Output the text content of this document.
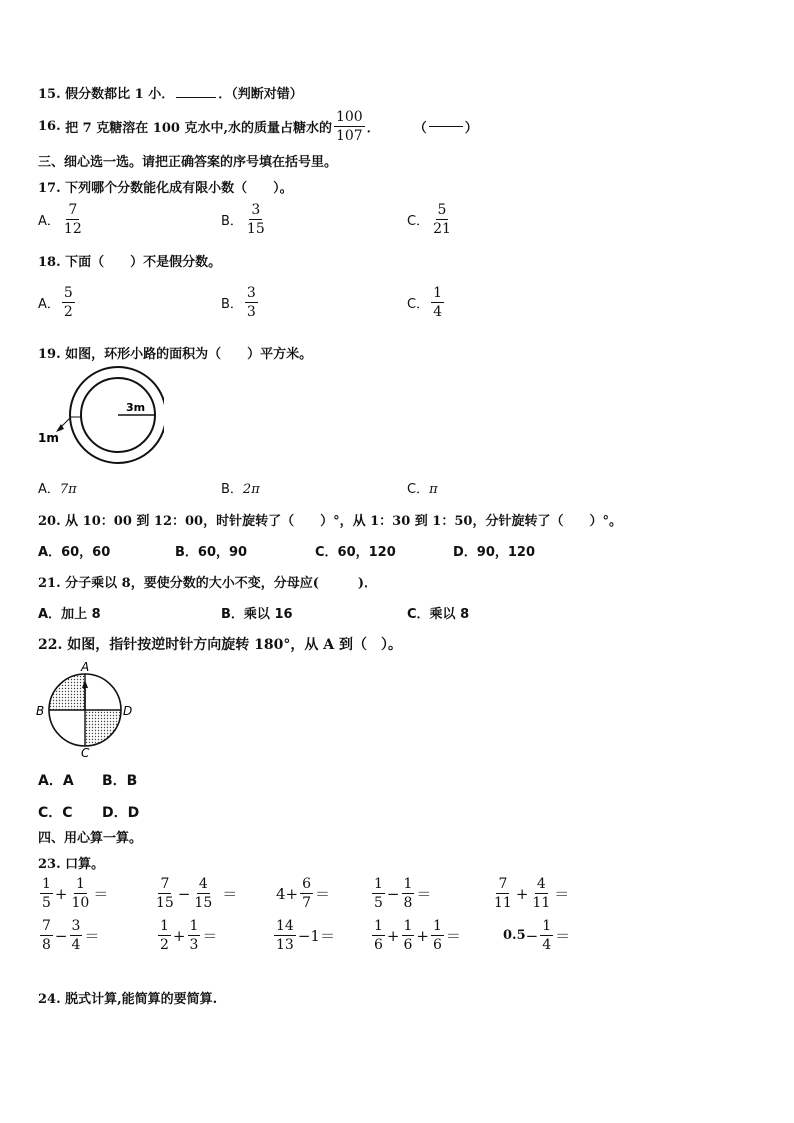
15. 假分数都比 1 小．	．（判断对错）
16.
把 7 克糖溶在 100 克水中,水的质量占糖水的 $\frac{100}{107}$ ．	（	）
三、细心选一选。请把正确答案的序号填在括号里。
17. 下列哪个分数能化成有限小数（　　）。
A． $\frac{7}{12}$	B． $\frac{3}{15}$	C． $\frac{5}{21}$
18. 下面（　　）不是假分数。
A． $\frac{5}{2}$	B． $\frac{3}{3}$	C． $\frac{1}{4}$
19. 如图，环形小路的面积为（　　）平方米。
3m
1m
A．7π	B．2π	C．π
20. 从 10：00 到 12：00，时针旋转了（　　）°，从 1：30 到 1：50，分针旋转了（　　）°。
A．60，60	B．60，90	C．60，120	D．90，120
21. 分子乘以 8，要使分数的大小不变，分母应(　　　)．
A．加上 8	B．乘以 16	C．乘以 8
22. 如图，指针按逆时针方向旋转 180°，从 A 到（　）。
A
B	D
C
A．A B．B
C．C D．D
四、用心算一算。
23. 口算。
$\frac{1}{5} + \frac{1}{10}$ ＝	$\frac{7}{15} - \frac{4}{15}$ ＝	$4 + \frac{6}{7}$ ＝	$\frac{1}{5} - \frac{1}{8}$ ＝	$\frac{7}{11} + \frac{4}{11}$ ＝
$\frac{7}{8} - \frac{3}{4}$ ＝	$\frac{1}{2} + \frac{1}{3}$ ＝	$\frac{14}{13} -1$ ＝	$\frac{1}{6} + \frac{1}{6} + \frac{1}{6}$ ＝	$0.5 - \frac{1}{4}$ ＝
24. 脱式计算,能简算的要简算.
